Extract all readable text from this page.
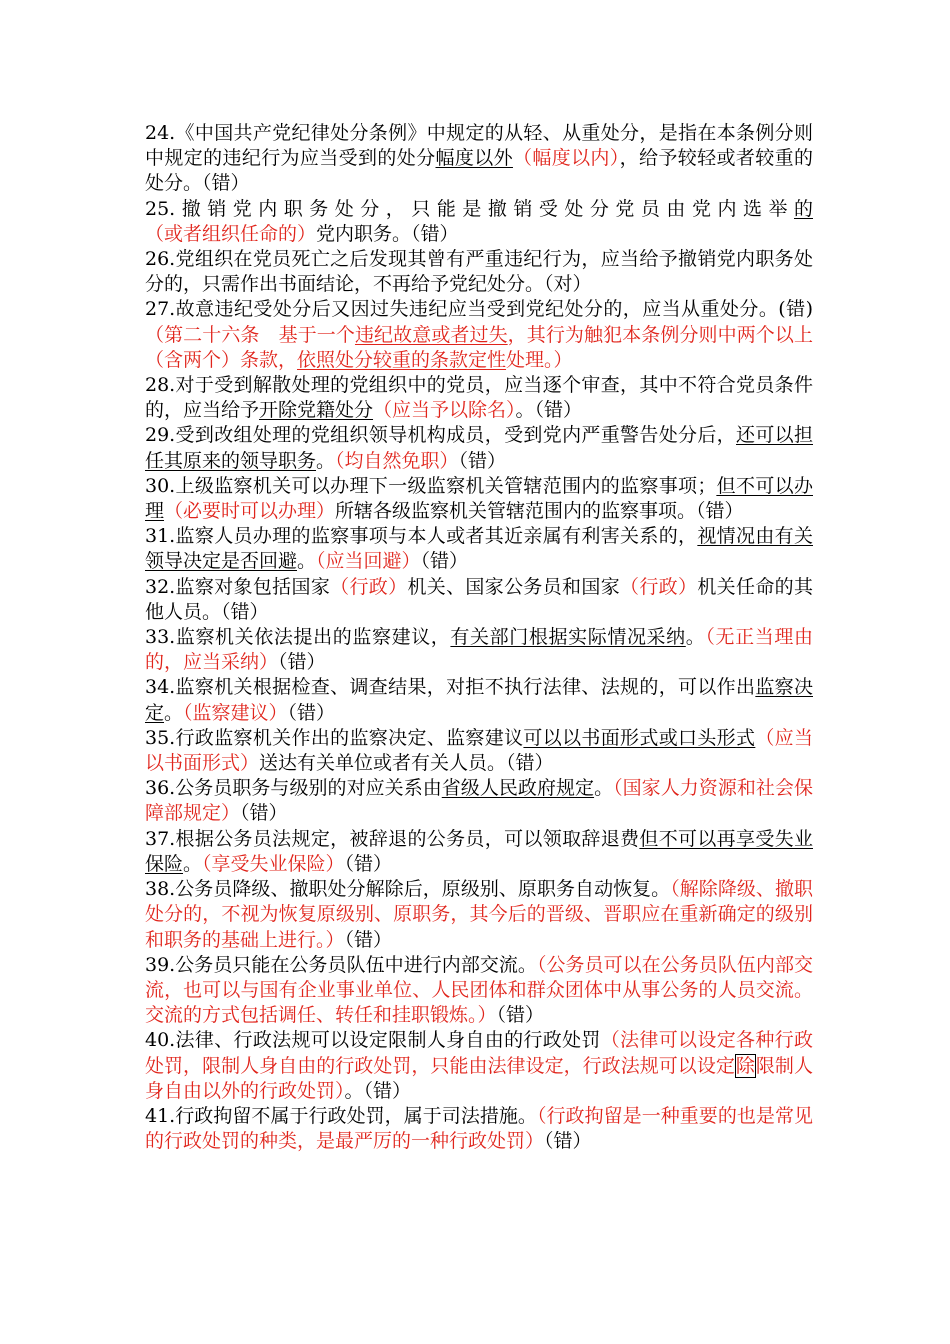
24.《中国共产党纪律处分条例》中规定的从轻、从重处分，是指在本条例分则中规定的违纪行为应当受到的处分幅度以外（幅度以内），给予较轻或者较重的处分。（错）

25.撤销党内职务处分，只能是撤销受处分党员由党内选举的（或者组织任命的）党内职务。（错）

26.党组织在党员死亡之后发现其曾有严重违纪行为，应当给予撤销党内职务处分的，只需作出书面结论，不再给予党纪处分。（对）

27.故意违纪受处分后又因过失违纪应当受到党纪处分的，应当从重处分。(错)（第二十六条　基于一个违纪故意或者过失，其行为触犯本条例分则中两个以上（含两个）条款，依照处分较重的条款定性处理。）

28.对于受到解散处理的党组织中的党员，应当逐个审查，其中不符合党员条件的，应当给予开除党籍处分（应当予以除名）。（错）

29.受到改组处理的党组织领导机构成员，受到党内严重警告处分后，还可以担任其原来的领导职务。（均自然免职）（错）

30.上级监察机关可以办理下一级监察机关管辖范围内的监察事项；但不可以办理（必要时可以办理）所辖各级监察机关管辖范围内的监察事项。（错）

31.监察人员办理的监察事项与本人或者其近亲属有利害关系的，视情况由有关领导决定是否回避。（应当回避）（错）

32.监察对象包括国家（行政）机关、国家公务员和国家（行政）机关任命的其他人员。（错）

33.监察机关依法提出的监察建议，有关部门根据实际情况采纳。（无正当理由的，应当采纳）（错）

34.监察机关根据检查、调查结果，对拒不执行法律、法规的，可以作出监察决定。（监察建议）（错）

35.行政监察机关作出的监察决定、监察建议可以以书面形式或口头形式（应当以书面形式）送达有关单位或者有关人员。（错）

36.公务员职务与级别的对应关系由省级人民政府规定。（国家人力资源和社会保障部规定）（错）

37.根据公务员法规定，被辞退的公务员，可以领取辞退费但不可以再享受失业保险。（享受失业保险）（错）

38.公务员降级、撤职处分解除后，原级别、原职务自动恢复。（解除降级、撤职处分的，不视为恢复原级别、原职务，其今后的晋级、晋职应在重新确定的级别和职务的基础上进行。）（错）

39.公务员只能在公务员队伍中进行内部交流。（公务员可以在公务员队伍内部交流，也可以与国有企业事业单位、人民团体和群众团体中从事公务的人员交流。交流的方式包括调任、转任和挂职锻炼。）（错）

40.法律、行政法规可以设定限制人身自由的行政处罚（法律可以设定各种行政处罚，限制人身自由的行政处罚，只能由法律设定，行政法规可以设定除限制人身自由以外的行政处罚）。（错）

41.行政拘留不属于行政处罚，属于司法措施。（行政拘留是一种重要的也是常见的行政处罚的种类，是最严厉的一种行政处罚）（错）
